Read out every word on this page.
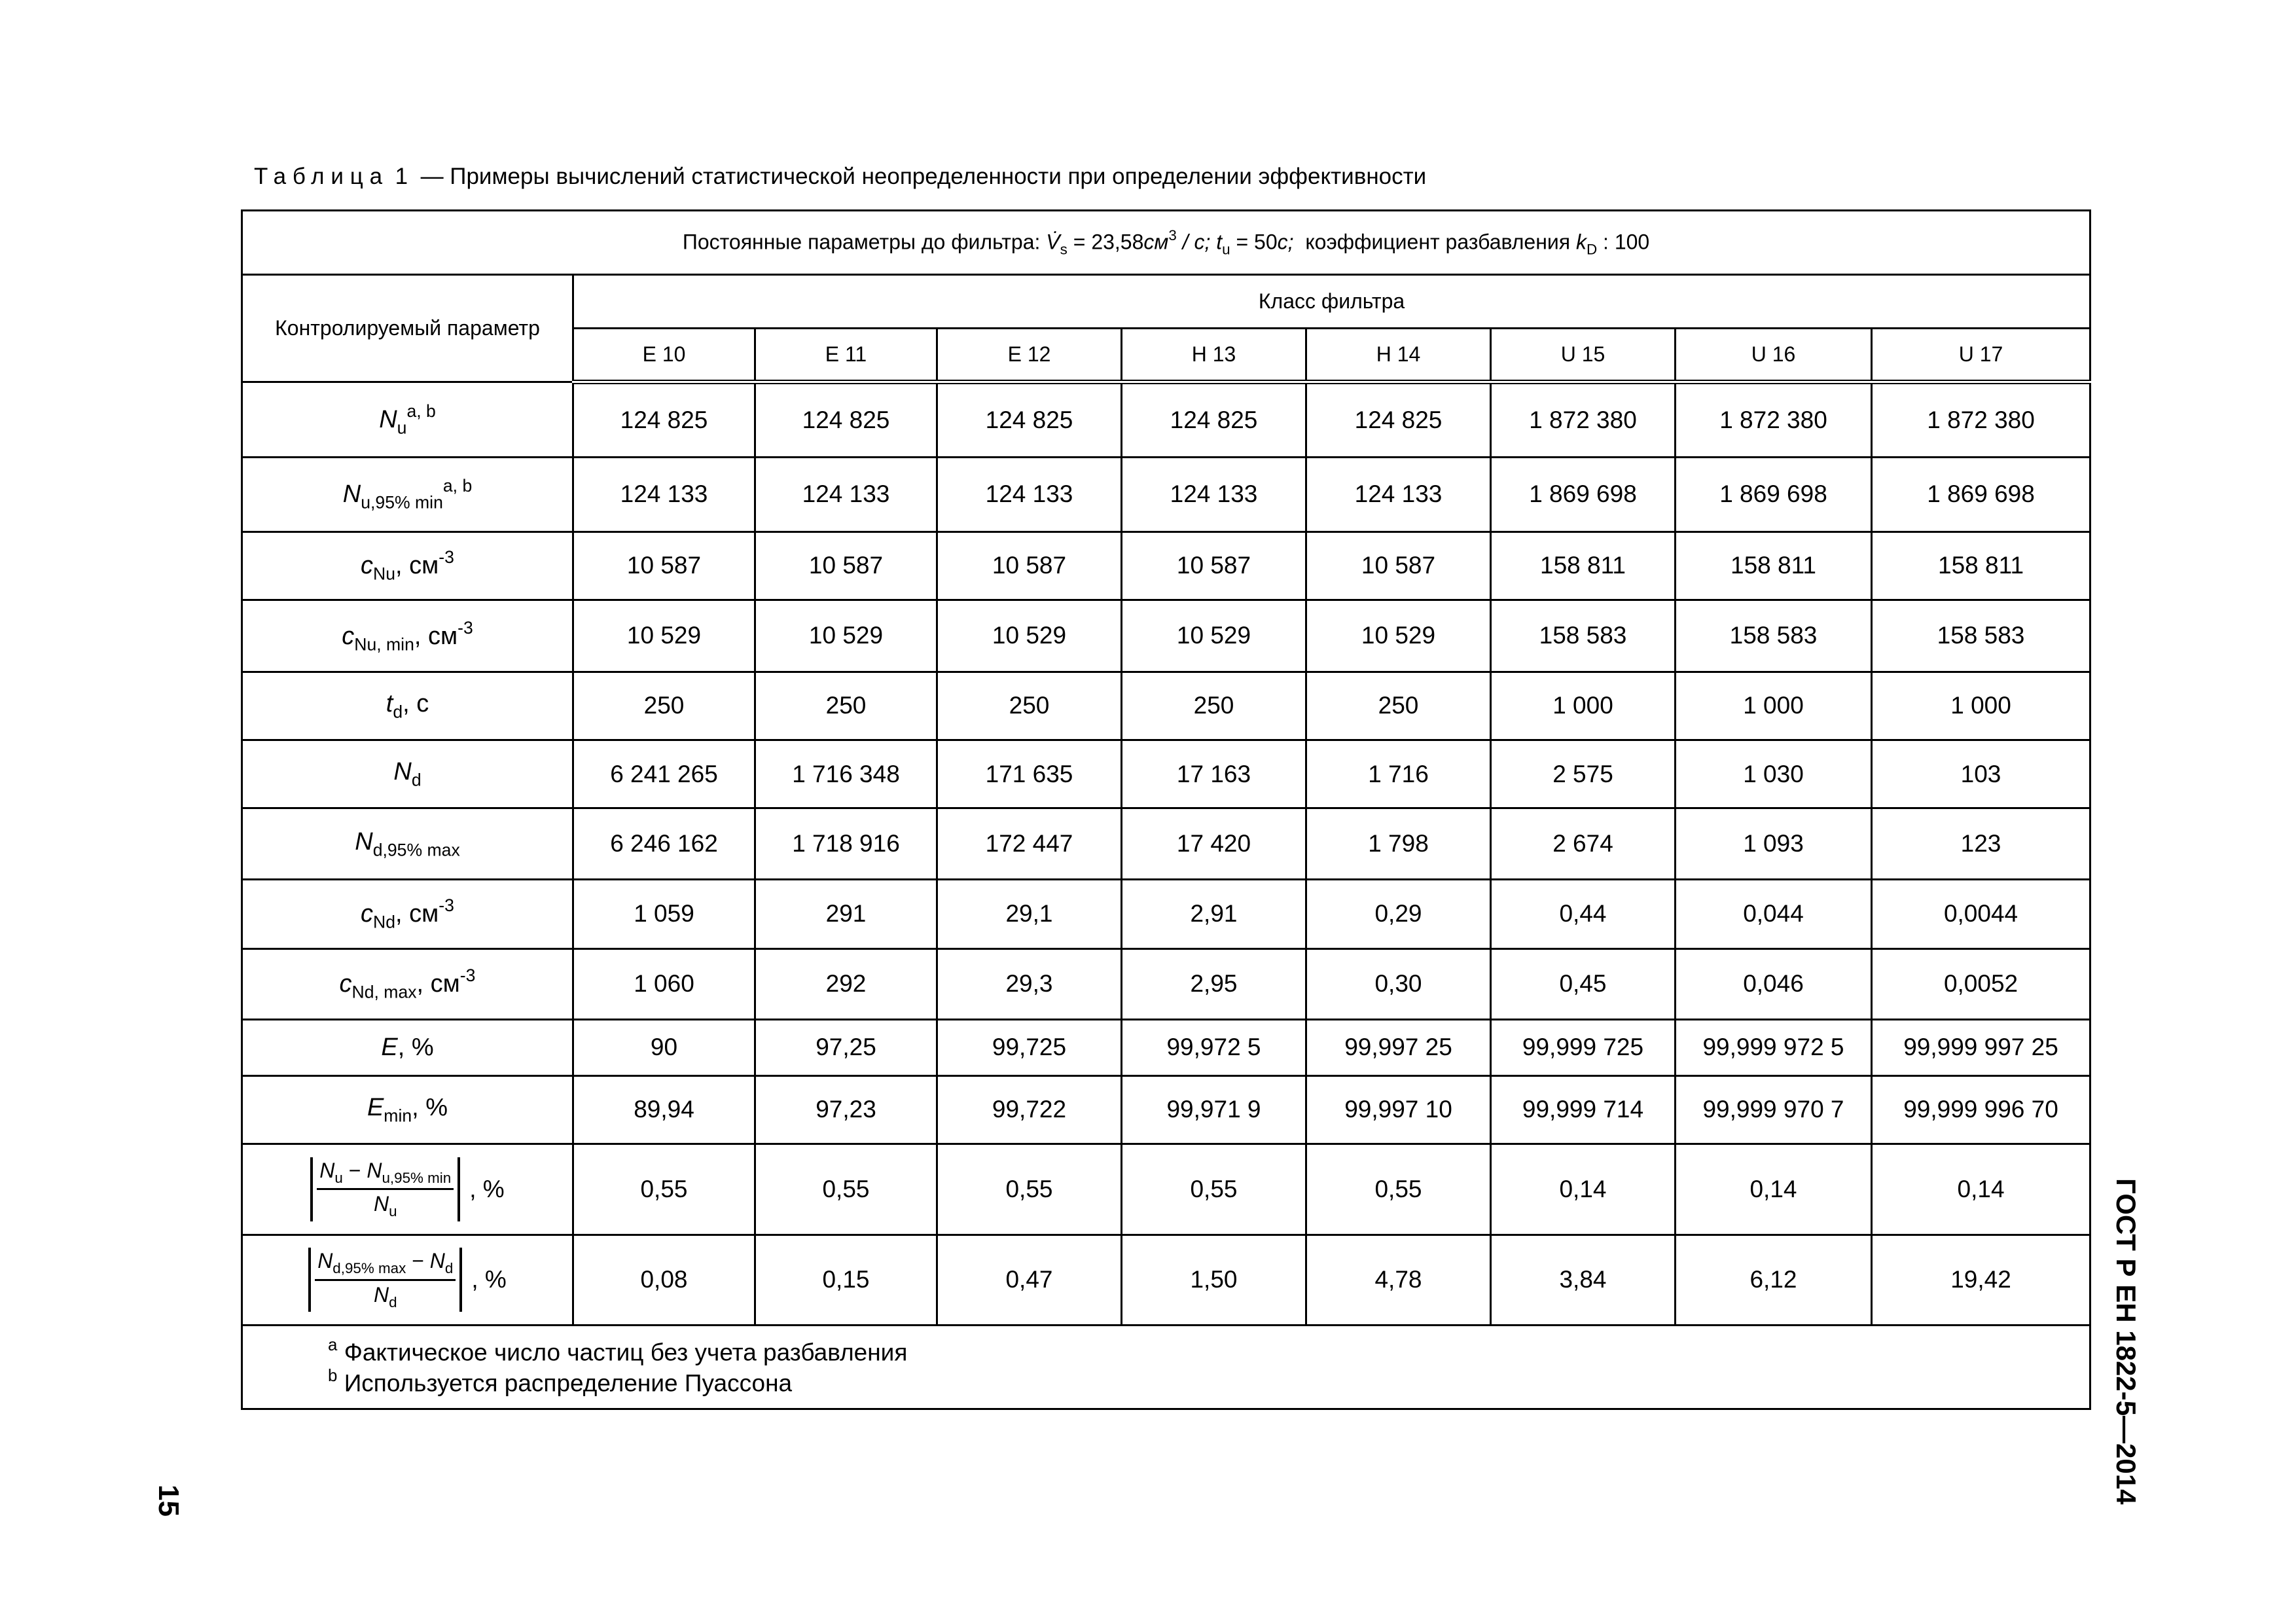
Таблица 1 — Примеры вычислений статистической неопределенности при определении эффективности
Постоянные параметры до фильтра: $V̇_s = 23,58см^3 / с$; $t_u = 50с$; коэффициент разбавления $k_D$ : 100								
Контролируемый параметр	Класс фильтра							
	E 10	E 11	E 12	H 13	H 14	U 15	U 16	U 17
$N_u^{a, b}$	124 825	124 825	124 825	124 825	124 825	1 872 380	1 872 380	1 872 380
$N_{u,95\% min}^{a, b}$	124 133	124 133	124 133	124 133	124 133	1 869 698	1 869 698	1 869 698
$c_{Nu}$, $см^{-3}$	10 587	10 587	10 587	10 587	10 587	158 811	158 811	158 811
$c_{Nu, min}$, $см^{-3}$	10 529	10 529	10 529	10 529	10 529	158 583	158 583	158 583
$t_d$, с	250	250	250	250	250	1 000	1 000	1 000
$N_d$	6 241 265	1 716 348	171 635	17 163	1 716	2 575	1 030	103
$N_{d,95\% max}$	6 246 162	1 718 916	172 447	17 420	1 798	2 674	1 093	123
$c_{Nd}$, $см^{-3}$	1 059	291	29,1	2,91	0,29	0,44	0,044	0,0044
$c_{Nd, max}$, $см^{-3}$	1 060	292	29,3	2,95	0,30	0,45	0,046	0,0052
E, %	90	97,25	99,725	99,972 5	99,997 25	99,999 725	99,999 972 5	99,999 997 25
$E_{min}$, %	89,94	97,23	99,722	99,971 9	99,997 10	99,999 714	99,999 970 7	99,999 996 70

$\frac{N_u - N_{u,95\% min}}{N_u}$ , %	0,55	0,55	0,55	0,55	0,55	0,14	0,14	0,14

$\frac{N_{d,95\% max} - N_d}{N_d}$ , %	0,08	0,15	0,47	1,50	4,78	3,84	6,12	19,42

$^a$ Фактическое число частиц без учета разбавления
$^b$ Используется распределение Пуассона									ГОСТ Р ЕН 1822-5—2014
15
